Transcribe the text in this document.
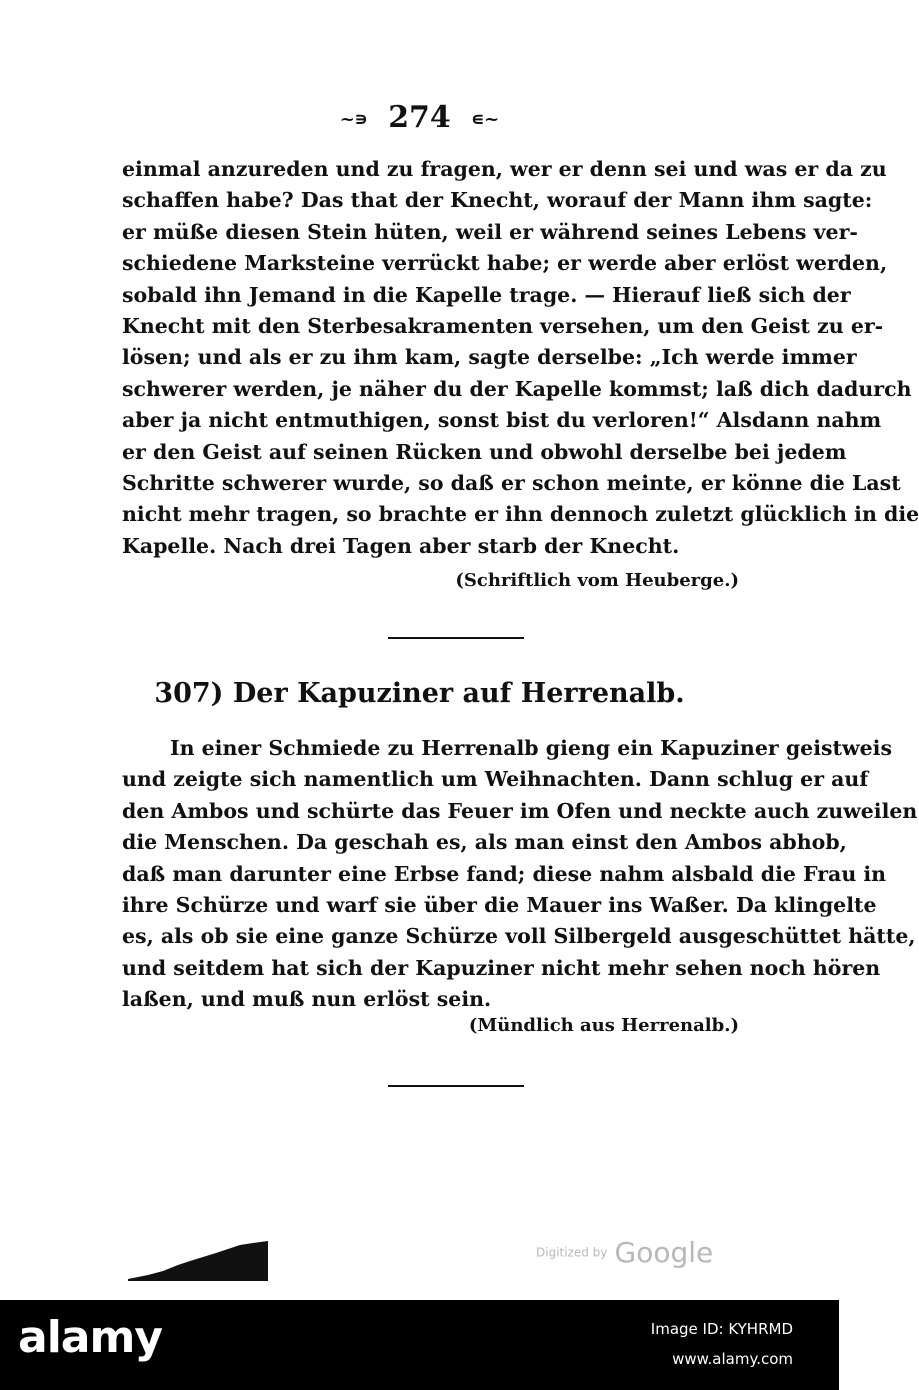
~∍ 274 ∊~
einmal anzureden und zu fragen, wer er denn sei und was er da zu
schaffen habe? Das that der Knecht, worauf der Mann ihm sagte:
er müße diesen Stein hüten, weil er während seines Lebens ver-
schiedene Marksteine verrückt habe; er werde aber erlöst werden,
sobald ihn Jemand in die Kapelle trage. — Hierauf ließ sich der
Knecht mit den Sterbesakramenten versehen, um den Geist zu er-
lösen; und als er zu ihm kam, sagte derselbe: „Ich werde immer
schwerer werden, je näher du der Kapelle kommst; laß dich dadurch
aber ja nicht entmuthigen, sonst bist du verloren!“ Alsdann nahm
er den Geist auf seinen Rücken und obwohl derselbe bei jedem
Schritte schwerer wurde, so daß er schon meinte, er könne die Last
nicht mehr tragen, so brachte er ihn dennoch zuletzt glücklich in die
Kapelle. Nach drei Tagen aber starb der Knecht.
(Schriftlich vom Heuberge.)
307) Der Kapuziner auf Herrenalb.
In einer Schmiede zu Herrenalb gieng ein Kapuziner geistweis
und zeigte sich namentlich um Weihnachten. Dann schlug er auf
den Ambos und schürte das Feuer im Ofen und neckte auch zuweilen
die Menschen. Da geschah es, als man einst den Ambos abhob,
daß man darunter eine Erbse fand; diese nahm alsbald die Frau in
ihre Schürze und warf sie über die Mauer ins Waßer. Da klingelte
es, als ob sie eine ganze Schürze voll Silbergeld ausgeschüttet hätte,
und seitdem hat sich der Kapuziner nicht mehr sehen noch hören
laßen, und muß nun erlöst sein.
(Mündlich aus Herrenalb.)
Digitized by Google
alamy	Image ID: KYHRMD
www.alamy.com
